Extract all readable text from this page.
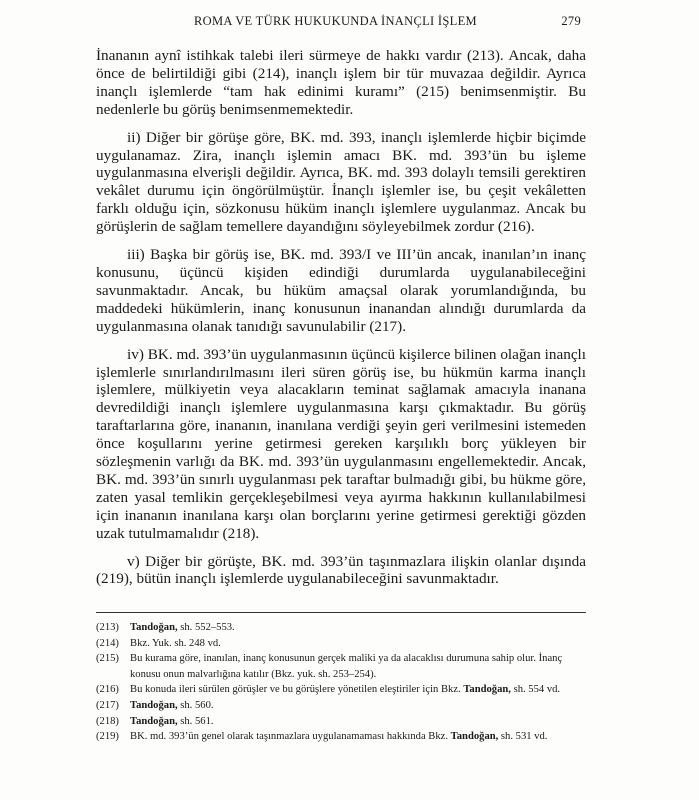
ROMA VE TÜRK HUKUKUNDA İNANÇLI İŞLEM	279

İnananın aynî istihkak talebi ileri sürmeye de hakkı vardır (213). Ancak, daha önce de belirtildiği gibi (214), inançlı işlem bir tür muvazaa değildir. Ayrıca inançlı işlemlerde “tam hak edinimi kuramı” (215) benimsenmiştir. Bu nedenlerle bu görüş benimsenmemektedir.

ii) Diğer bir görüşe göre, BK. md. 393, inançlı işlemlerde hiçbir biçimde uygulanamaz. Zira, inançlı işlemin amacı BK. md. 393’ün bu işleme uygulanmasına elverişli değildir. Ayrıca, BK. md. 393 dolaylı temsili gerektiren vekâlet durumu için öngörülmüştür. İnançlı işlemler ise, bu çeşit vekâletten farklı olduğu için, sözkonusu hüküm inançlı işlemlere uygulanmaz. Ancak bu görüşlerin de sağlam temellere dayandığını söyleyebilmek zordur (216).

iii) Başka bir görüş ise, BK. md. 393/I ve III’ün ancak, inanılan’ın inanç konusunu, üçüncü kişiden edindiği durumlarda uygulanabileceğini savunmaktadır. Ancak, bu hüküm amaçsal olarak yorumlandığında, bu maddedeki hükümlerin, inanç konusunun inanandan alındığı durumlarda da uygulanmasına olanak tanıdığı savunulabilir (217).

iv) BK. md. 393’ün uygulanmasının üçüncü kişilerce bilinen olağan inançlı işlemlerle sınırlandırılmasını ileri süren görüş ise, bu hükmün karma inançlı işlemlere, mülkiyetin veya alacakların teminat sağlamak amacıyla inanana devredildiği inançlı işlemlere uygulanmasına karşı çıkmaktadır. Bu görüş taraftarlarına göre, inananın, inanılana verdiği şeyin geri verilmesini istemeden önce koşullarını yerine getirmesi gereken karşılıklı borç yükleyen bir sözleşmenin varlığı da BK. md. 393’ün uygulanmasını engellemektedir. Ancak, BK. md. 393’ün sınırlı uygulanması pek taraftar bulmadığı gibi, bu hükme göre, zaten yasal temlikin gerçekleşebilmesi veya ayırma hakkının kullanılabilmesi için inananın inanılana karşı olan borçlarını yerine getirmesi gerektiği gözden uzak tutulmamalıdır (218).

v) Diğer bir görüşte, BK. md. 393’ün taşınmazlara ilişkin olanlar dışında (219), bütün inançlı işlemlerde uygulanabileceğini savunmaktadır.

(213)	Tandoğan, sh. 552–553.
(214)	Bkz. Yuk. sh. 248 vd.
(215)	Bu kurama göre, inanılan, inanç konusunun gerçek maliki ya da alacaklısı durumuna sahip olur. İnanç konusu onun malvarlığına katılır (Bkz. yuk. sh. 253–254).
(216)	Bu konuda ileri sürülen görüşler ve bu görüşlere yönetilen eleştiriler için Bkz. Tandoğan, sh. 554 vd.
(217)	Tandoğan, sh. 560.
(218)	Tandoğan, sh. 561.
(219)	BK. md. 393’ün genel olarak taşınmazlara uygulanamaması hakkında Bkz. Tandoğan, sh. 531 vd.
